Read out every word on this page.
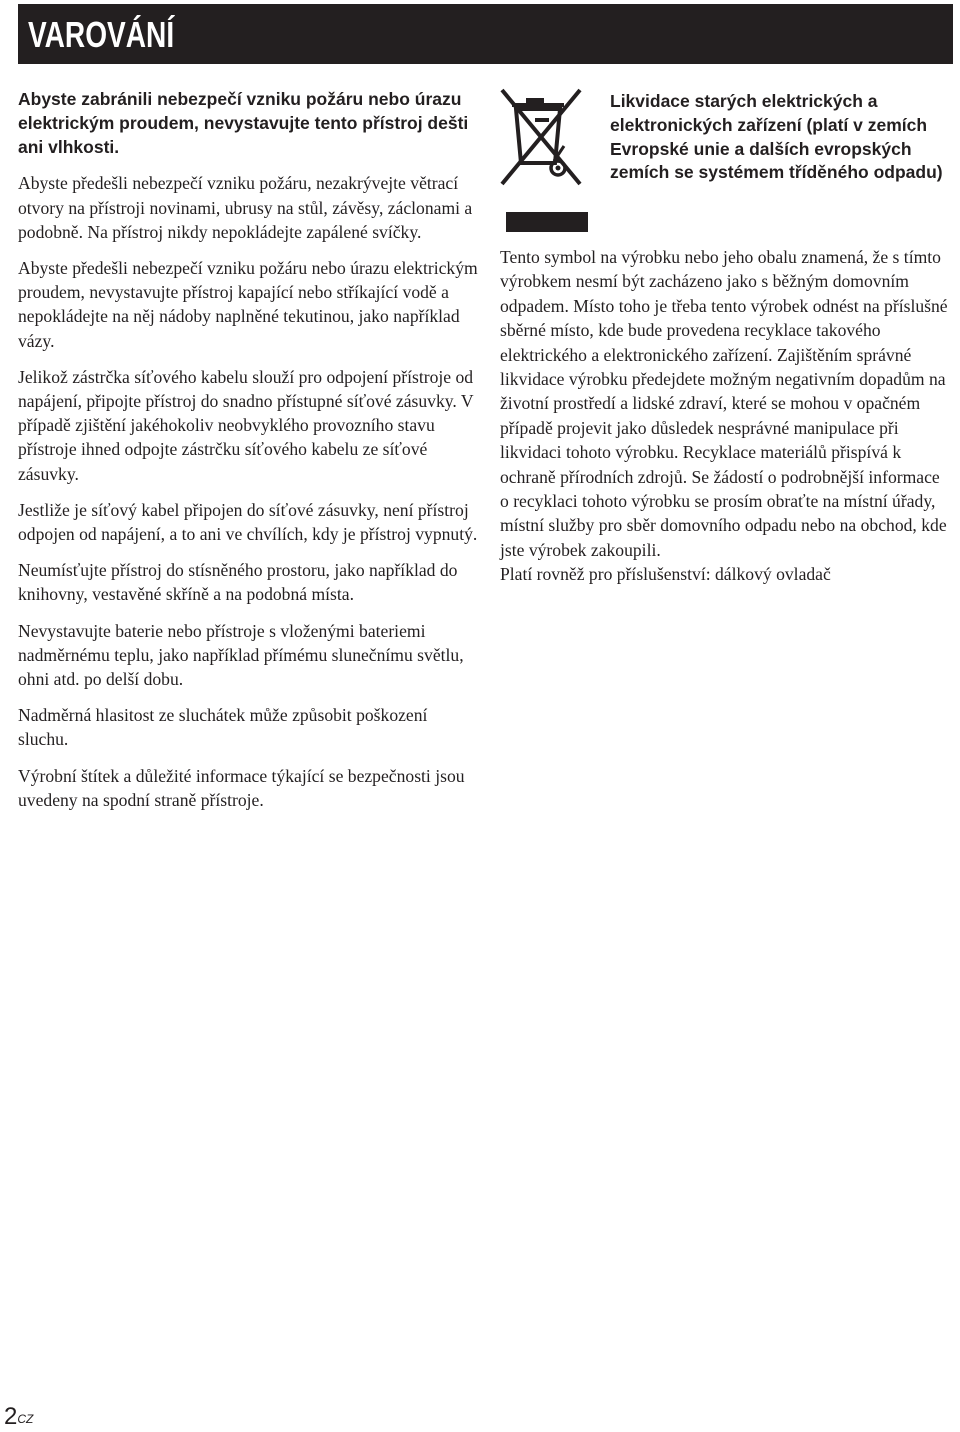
VAROVÁNÍ

Abyste zabránili nebezpečí vzniku požáru nebo úrazu elektrickým proudem, nevystavujte tento přístroj dešti ani vlhkosti.

Abyste předešli nebezpečí vzniku požáru, nezakrývejte větrací otvory na přístroji novinami, ubrusy na stůl, závěsy, záclonami a podobně. Na přístroj nikdy nepokládejte zapálené svíčky.

Abyste předešli nebezpečí vzniku požáru nebo úrazu elektrickým proudem, nevystavujte přístroj kapající nebo stříkající vodě a nepokládejte na něj nádoby naplněné tekutinou, jako například vázy.

Jelikož zástrčka síťového kabelu slouží pro odpojení přístroje od napájení, připojte přístroj do snadno přístupné síťové zásuvky. V případě zjištění jakéhokoliv neobvyklého provozního stavu přístroje ihned odpojte zástrčku síťového kabelu ze síťové zásuvky.

Jestliže je síťový kabel připojen do síťové zásuvky, není přístroj odpojen od napájení, a to ani ve chvílích, kdy je přístroj vypnutý.

Neumísťujte přístroj do stísněného prostoru, jako například do knihovny, vestavěné skříně a na podobná místa.

Nevystavujte baterie nebo přístroje s vloženými bateriemi nadměrnému teplu, jako například přímému slunečnímu světlu, ohni atd. po delší dobu.

Nadměrná hlasitost ze sluchátek může způsobit poškození sluchu.

Výrobní štítek a důležité informace týkající se bezpečnosti jsou uvedeny na spodní straně přístroje.

Likvidace starých elektrických a elektronických zařízení (platí v zemích Evropské unie a dalších evropských zemích se systémem tříděného odpadu)

Tento symbol na výrobku nebo jeho obalu znamená, že s tímto výrobkem nesmí být zacházeno jako s běžným domovním odpadem. Místo toho je třeba tento výrobek odnést na příslušné sběrné místo, kde bude provedena recyklace takového elektrického a elektronického zařízení. Zajištěním správné likvidace výrobku předejdete možným negativním dopadům na životní prostředí a lidské zdraví, které se mohou v opačném případě projevit jako důsledek nesprávné manipulace při likvidaci tohoto výrobku. Recyklace materiálů přispívá k ochraně přírodních zdrojů. Se žádostí o podrobnější informace o recyklaci tohoto výrobku se prosím obraťte na místní úřady, místní služby pro sběr domovního odpadu nebo na obchod, kde jste výrobek zakoupili.

Platí rovněž pro příslušenství: dálkový ovladač

$2^{CZ}$
